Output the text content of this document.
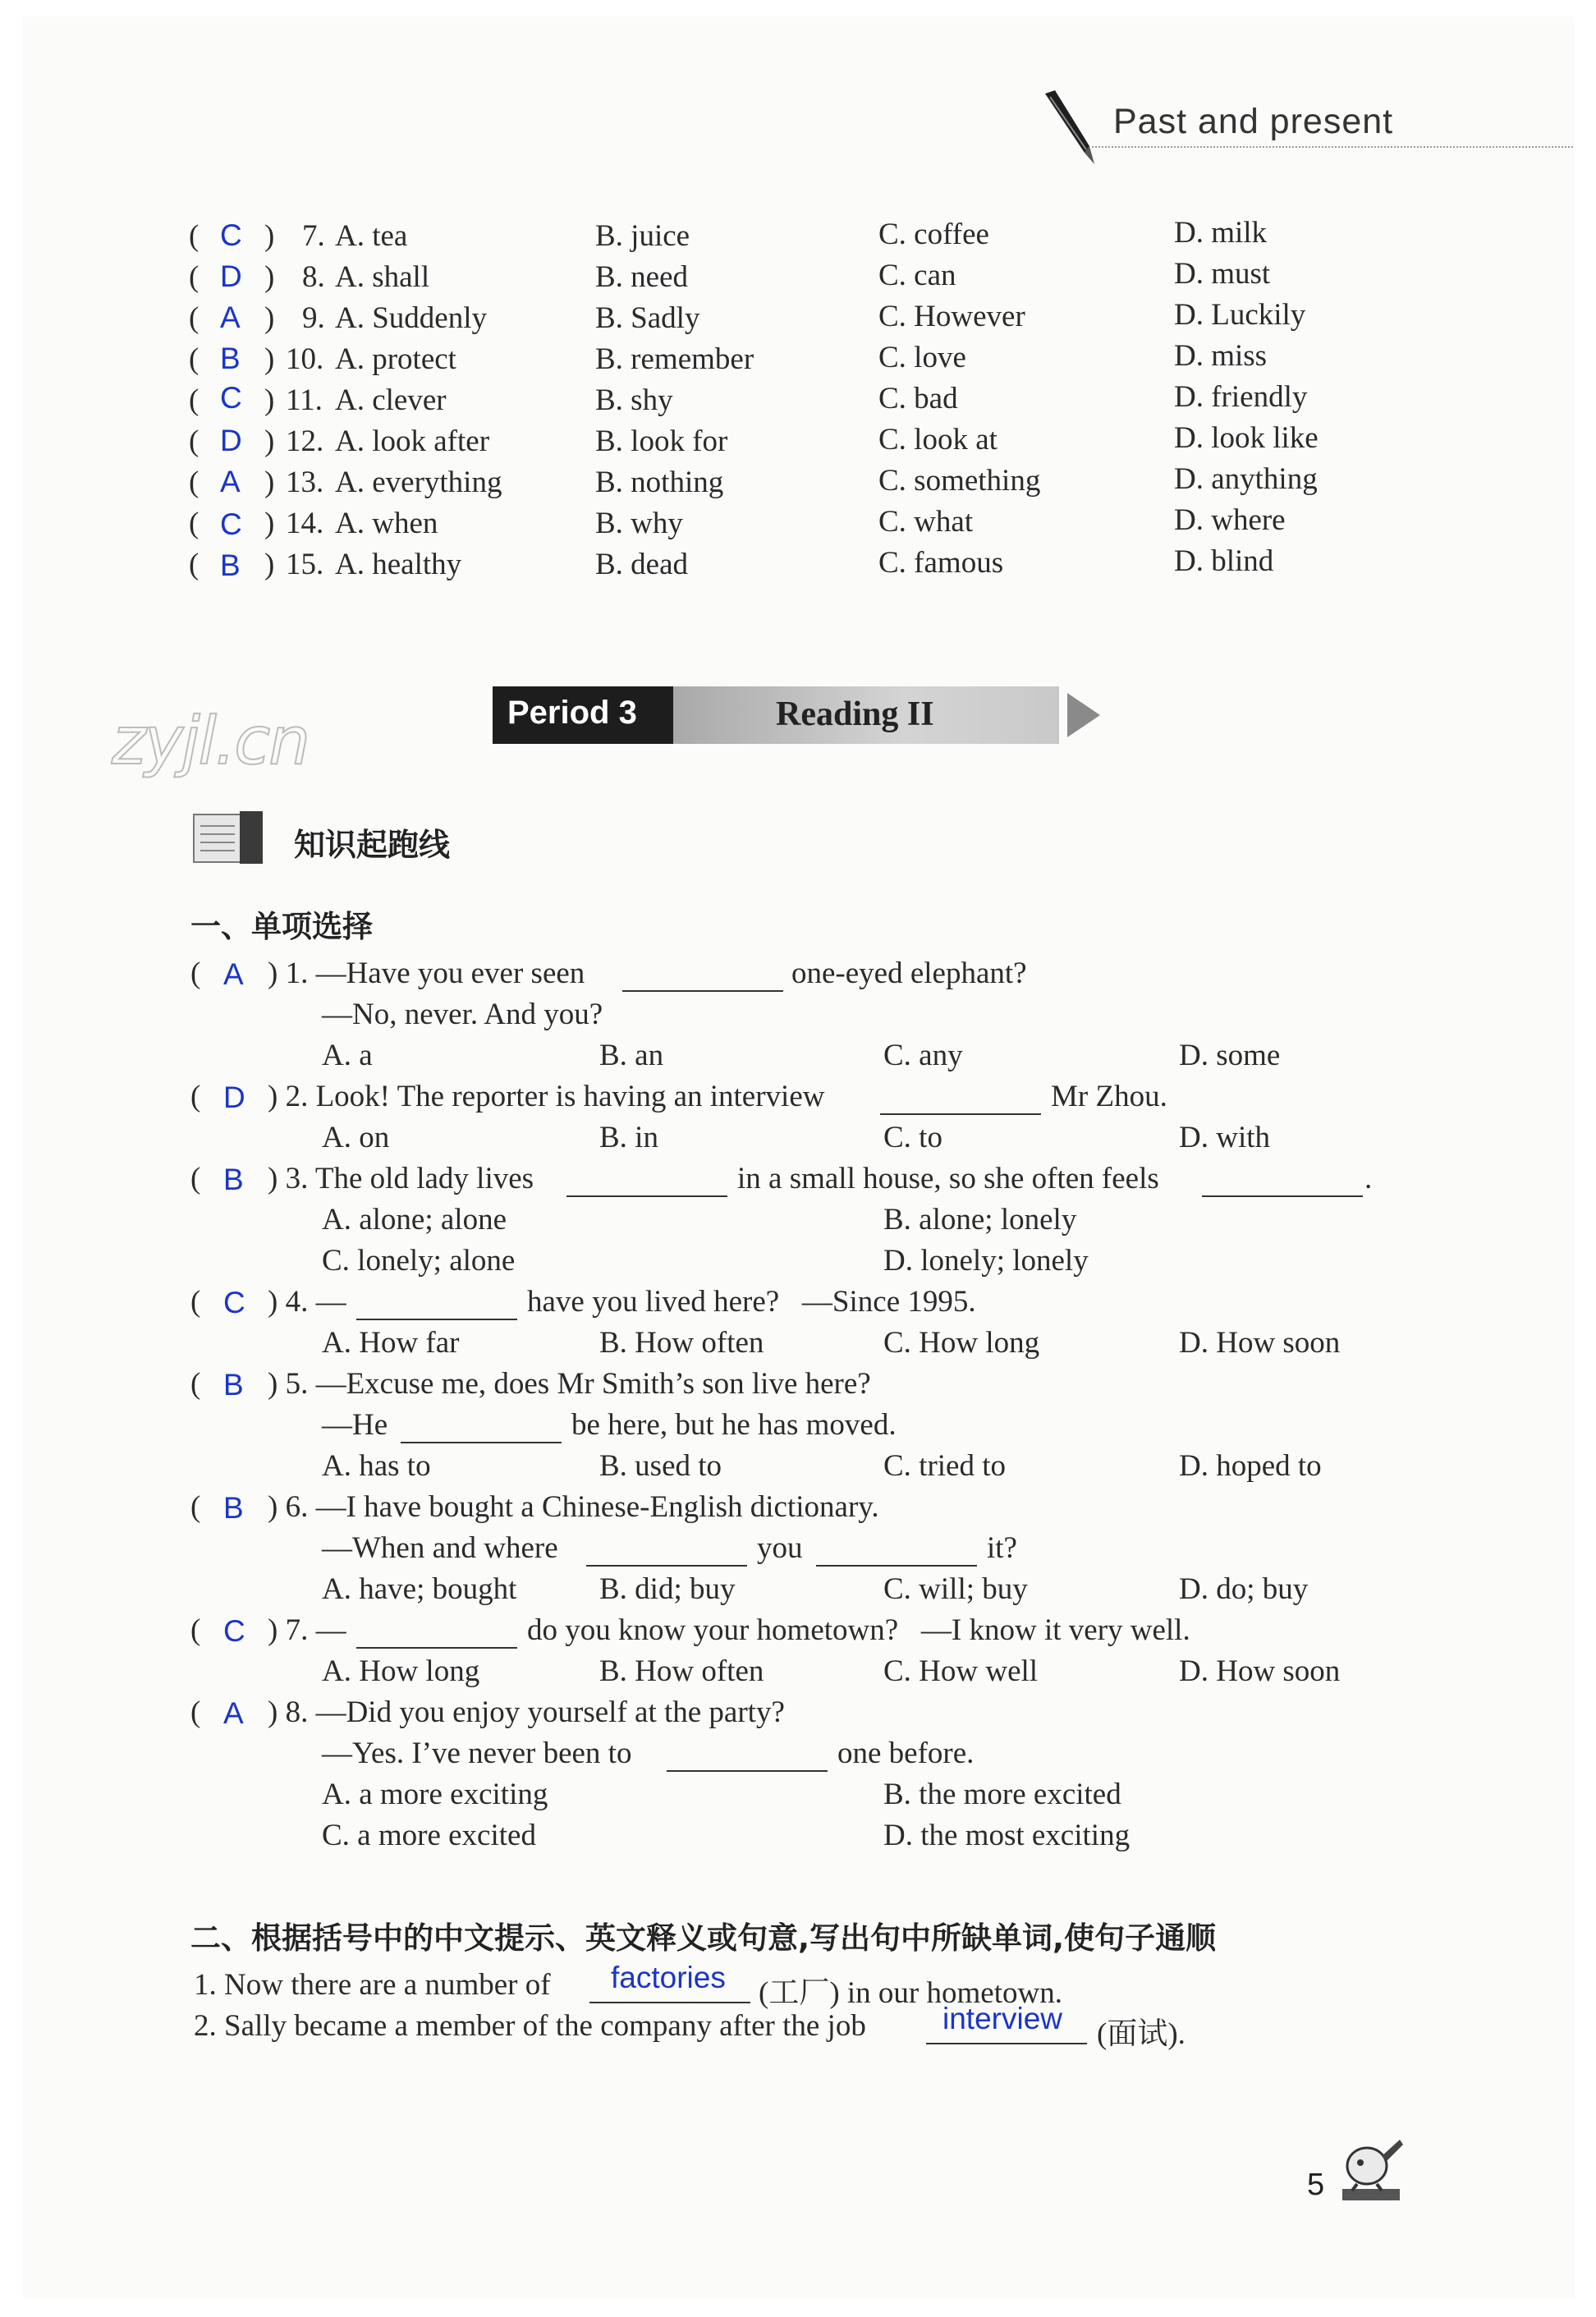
Past and present
( C ) 7. A. tea	B. juice	C. coffee	D. milk
( D ) 8. A. shall	B. need	C. can	D. must
( A ) 9. A. Suddenly	B. Sadly	C. However	D. Luckily
( B ) 10. A. protect	B. remember	C. love	D. miss
( C ) 11. A. clever	B. shy	C. bad	D. friendly
( D ) 12. A. look after	B. look for	C. look at	D. look like
( A ) 13. A. everything	B. nothing	C. something	D. anything
( C ) 14. A. when	B. why	C. what	D. where
( B ) 15. A. healthy	B. dead	C. famous	D. blind
zyjl.cn	Period 3	Reading II
知识起跑线
一、单项选择
( A ) 1. —Have you ever seen	one-eyed elephant?
—No, never. And you?
A. a	B. an	C. any	D. some
( D ) 2. Look! The reporter is having an interview	Mr Zhou.
A. on	B. in	C. to	D. with
( B ) 3. The old lady lives	in a small house, so she often feels	.
A. alone; alone	B. alone; lonely
C. lonely; alone	D. lonely; lonely
( C ) 4. —	have you lived here?   —Since 1995.
A. How far	B. How often	C. How long	D. How soon
( B ) 5. —Excuse me, does Mr Smith’s son live here?
—He	be here, but he has moved.
A. has to	B. used to	C. tried to	D. hoped to
( B ) 6. —I have bought a Chinese-English dictionary.
—When and where	you	it?
A. have; bought	B. did; buy	C. will; buy	D. do; buy
( C ) 7. —	do you know your hometown?   —I know it very well.
A. How long	B. How often	C. How well	D. How soon
( A ) 8. —Did you enjoy yourself at the party?
—Yes. I’ve never been to	one before.
A. a more exciting	B. the more excited
C. a more excited	D. the most exciting
二、根据括号中的中文提示、英文释义或句意,写出句中所缺单词,使句子通顺
1. Now there are a number of factories (工厂) in our hometown.
2. Sally became a member of the company after the job	interview (面试).
5
